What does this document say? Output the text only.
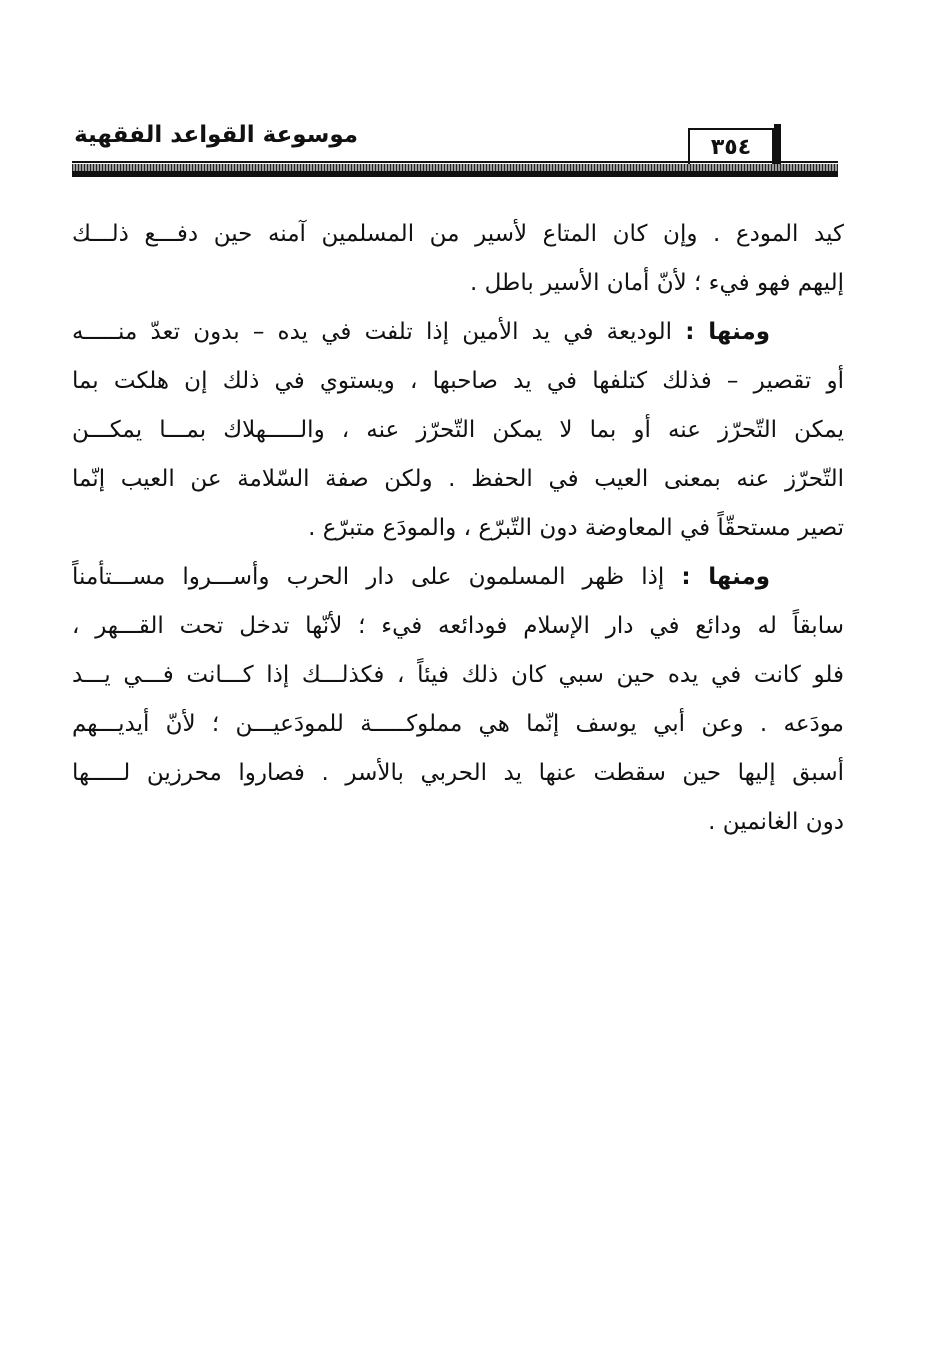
موسوعة القواعد الفقهية	٣٥٤
كيد المودع . وإن كان المتاع لأسير من المسلمين آمنه حين دفـــع ذلـــك
إليهم فهو فيء ؛ لأنّ أمان الأسير باطل .
ومنها : الوديعة في يد الأمين إذا تلفت في يده – بدون تعدّ منـــــه
أو تقصير – فذلك كتلفها في يد صاحبها ، ويستوي في ذلك إن هلكت بما
يمكن التّحرّز عنه أو بما لا يمكن التّحرّز عنه ، والـــــهلاك بمـــا يمكـــن
التّحرّز عنه بمعنى العيب في الحفظ . ولكن صفة السّلامة عن العيب إنّما
تصير مستحقّاً في المعاوضة دون التّبرّع ، والمودَع متبرّع .
ومنها : إذا ظهر المسلمون على دار الحرب وأســـروا مســـتأمناً
سابقاً له ودائع في دار الإسلام فودائعه فيء ؛ لأنّها تدخل تحت القـــهر ،
فلو كانت في يده حين سبي كان ذلك فيئاً ، فكذلـــك إذا كـــانت فـــي يـــد
مودَعه . وعن أبي يوسف إنّما هي مملوكـــــة للمودَعيـــن ؛ لأنّ أيديـــهم
أسبق إليها حين سقطت عنها يد الحربي بالأسر . فصاروا محرزين لـــــها
دون الغانمين .
